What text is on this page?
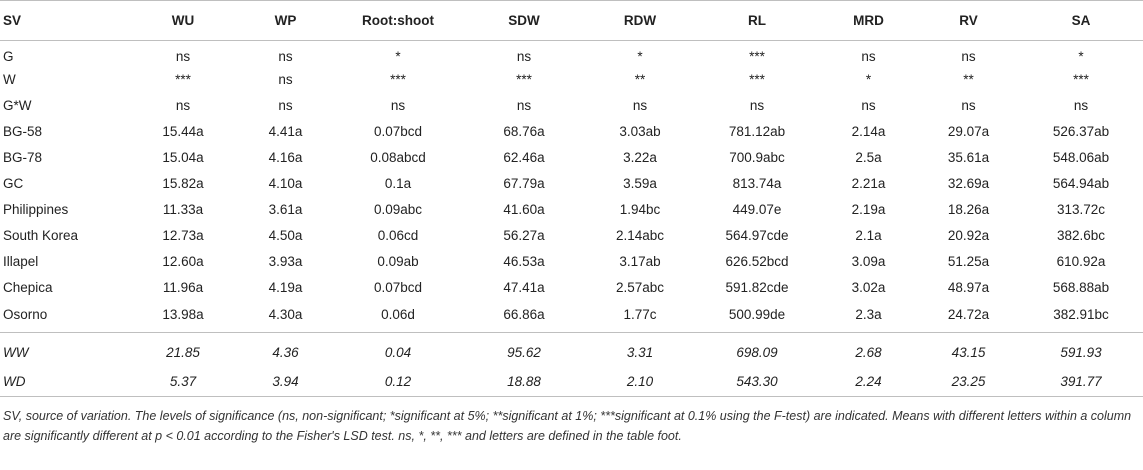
SV	WU	WP	Root:shoot	SDW	RDW	RL	MRD	RV	SA
G	ns	ns	*	ns	*	***	ns	ns	*
W	***	ns	***	***	**	***	*	**	***
G*W	ns	ns	ns	ns	ns	ns	ns	ns	ns
BG-58	15.44a	4.41a	0.07bcd	68.76a	3.03ab	781.12ab	2.14a	29.07a	526.37ab
BG-78	15.04a	4.16a	0.08abcd	62.46a	3.22a	700.9abc	2.5a	35.61a	548.06ab
GC	15.82a	4.10a	0.1a	67.79a	3.59a	813.74a	2.21a	32.69a	564.94ab
Philippines	11.33a	3.61a	0.09abc	41.60a	1.94bc	449.07e	2.19a	18.26a	313.72c
South Korea	12.73a	4.50a	0.06cd	56.27a	2.14abc	564.97cde	2.1a	20.92a	382.6bc
Illapel	12.60a	3.93a	0.09ab	46.53a	3.17ab	626.52bcd	3.09a	51.25a	610.92a
Chepica	11.96a	4.19a	0.07bcd	47.41a	2.57abc	591.82cde	3.02a	48.97a	568.88ab
Osorno	13.98a	4.30a	0.06d	66.86a	1.77c	500.99de	2.3a	24.72a	382.91bc
WW	21.85	4.36	0.04	95.62	3.31	698.09	2.68	43.15	591.93
WD	5.37	3.94	0.12	18.88	2.10	543.30	2.24	23.25	391.77
SV, source of variation. The levels of significance (ns, non-significant; *significant at 5%; **significant at 1%; ***significant at 0.1% using the F-test) are indicated. Means with different letters within a column are significantly different at p < 0.01 according to the Fisher's LSD test. ns, *, **, *** and letters are defined in the table foot.
